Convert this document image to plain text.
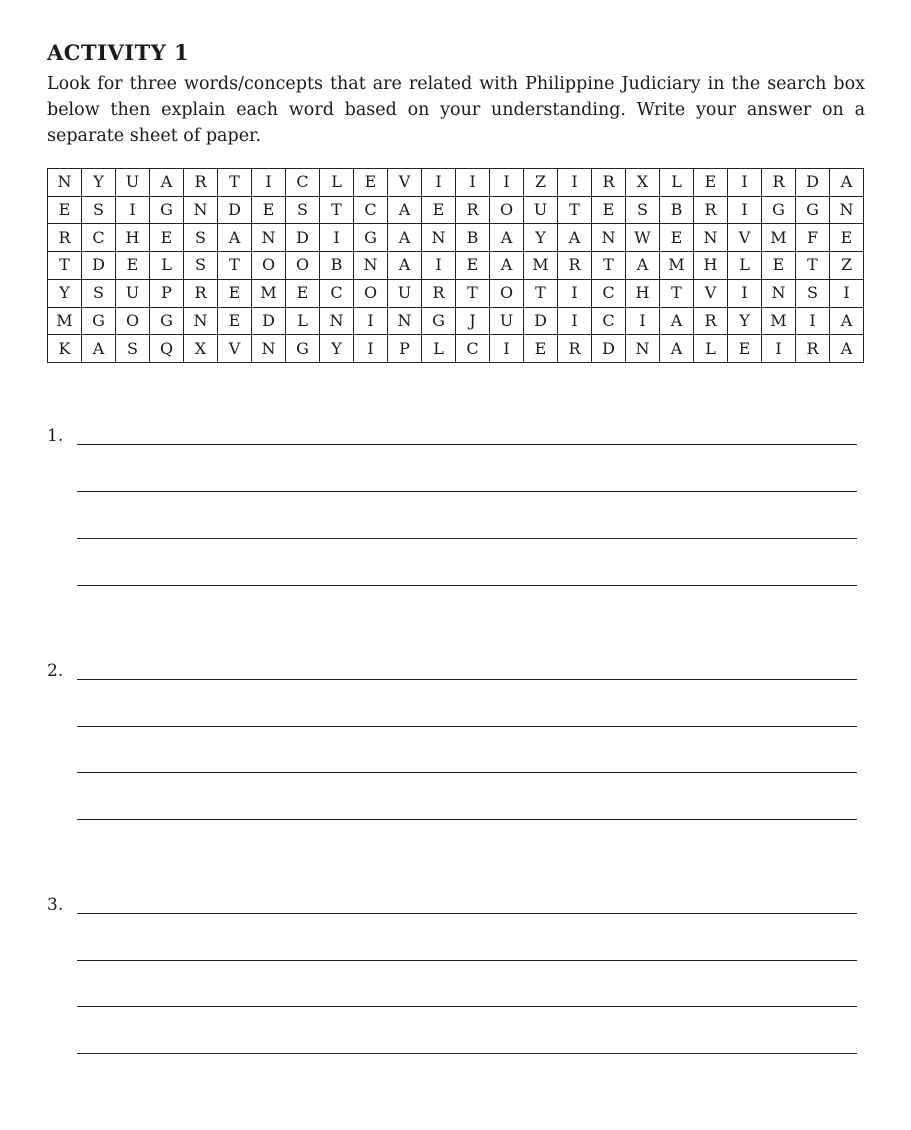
ACTIVITY 1
Look for three words/concepts that are related with Philippine Judiciary in the search box below then explain each word based on your understanding. Write your answer on a separate sheet of paper.
N	Y	U	A	R	T	I	C	L	E	V	I	I	I	Z	I	R	X	L	E	I	R	D	A
E	S	I	G	N	D	E	S	T	C	A	E	R	O	U	T	E	S	B	R	I	G	G	N
R	C	H	E	S	A	N	D	I	G	A	N	B	A	Y	A	N	W	E	N	V	M	F	E
T	D	E	L	S	T	O	O	B	N	A	I	E	A	M	R	T	A	M	H	L	E	T	Z
Y	S	U	P	R	E	M	E	C	O	U	R	T	O	T	I	C	H	T	V	I	N	S	I
M	G	O	G	N	E	D	L	N	I	N	G	J	U	D	I	C	I	A	R	Y	M	I	A
K	A	S	Q	X	V	N	G	Y	I	P	L	C	I	E	R	D	N	A	L	E	I	R	A
1.
2.
3.
